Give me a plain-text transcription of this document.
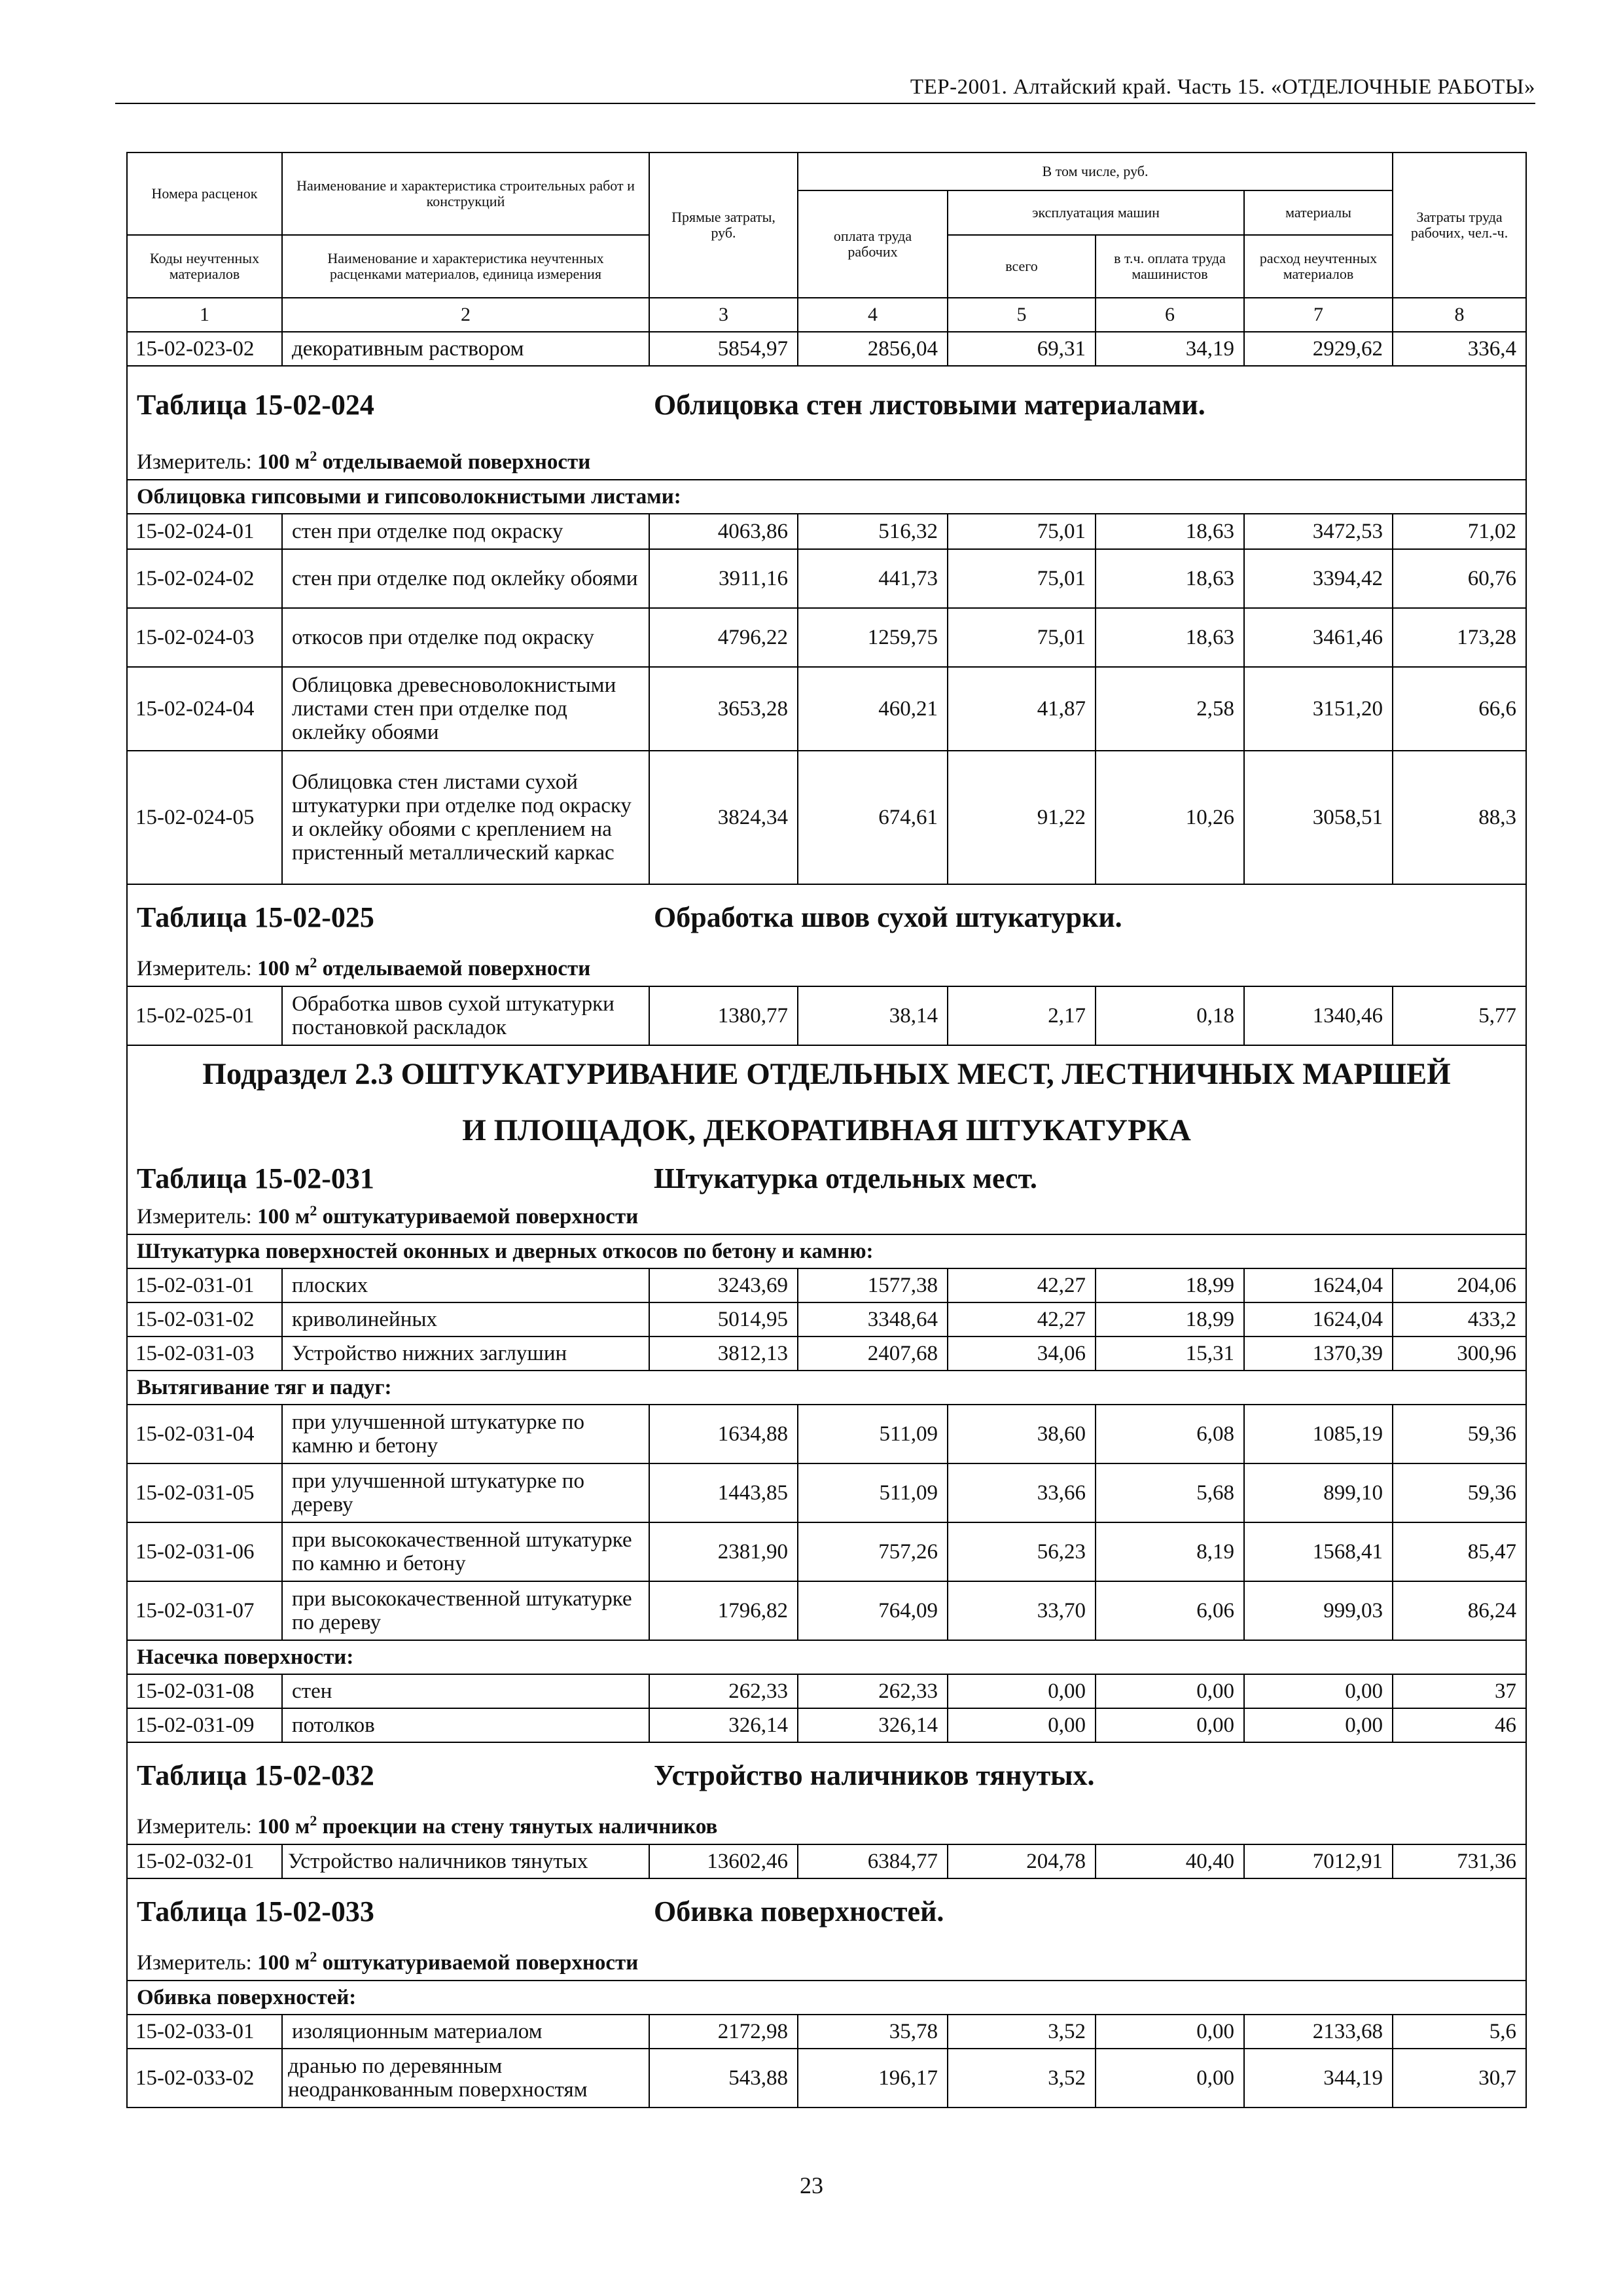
ТЕР-2001. Алтайский край. Часть 15. «ОТДЕЛОЧНЫЕ РАБОТЫ»
Номера расценок	Наименование и характеристика строительных работ и конструкций	Прямые затраты, руб.	В том числе, руб.				Затраты труда рабочих, чел.-ч.
			оплата труда рабочих	эксплуатация машин		материалы	
Коды неучтенных материалов	Наименование и характеристика неучтенных расценками материалов, единица измерения			всего	в т.ч. оплата труда машинистов	расход неучтенных материалов	
1	2	3	4	5	6	7	8
15-02-023-02	декоративным раствором	5854,97	2856,04	69,31	34,19	2929,62	336,4
Таблица 15-02-024 Облицовка стен листовыми материалами.							
Измеритель: 100 $м^2$ отделываемой поверхности							
Облицовка гипсовыми и гипсоволокнистыми листами:							
15-02-024-01	стен при отделке под окраску	4063,86	516,32	75,01	18,63	3472,53	71,02
15-02-024-02	стен при отделке под оклейку обоями	3911,16	441,73	75,01	18,63	3394,42	60,76
15-02-024-03	откосов при отделке под окраску	4796,22	1259,75	75,01	18,63	3461,46	173,28
15-02-024-04	Облицовка древесноволокнистыми листами стен при отделке под оклейку обоями	3653,28	460,21	41,87	2,58	3151,20	66,6
15-02-024-05	Облицовка стен листами сухой штукатурки при отделке под окраску и оклейку обоями с креплением на пристенный металлический каркас	3824,34	674,61	91,22	10,26	3058,51	88,3
Таблица 15-02-025 Обработка швов сухой штукатурки.							
Измеритель: 100 $м^2$ отделываемой поверхности							
15-02-025-01	Обработка швов сухой штукатурки постановкой раскладок	1380,77	38,14	2,17	0,18	1340,46	5,77

Подраздел 2.3 ОШТУКАТУРИВАНИЕ ОТДЕЛЬНЫХ МЕСТ, ЛЕСТНИЧНЫХ МАРШЕЙ
И ПЛОЩАДОК, ДЕКОРАТИВНАЯ ШТУКАТУРКА							

Таблица 15-02-031 Штукатурка отдельных мест.							
Измеритель: 100 $м^2$ оштукатуриваемой поверхности							
Штукатурка поверхностей оконных и дверных откосов по бетону и камню:							
15-02-031-01	плоских	3243,69	1577,38	42,27	18,99	1624,04	204,06
15-02-031-02	криволинейных	5014,95	3348,64	42,27	18,99	1624,04	433,2
15-02-031-03	Устройство нижних заглушин	3812,13	2407,68	34,06	15,31	1370,39	300,96
Вытягивание тяг и падуг:							
15-02-031-04	при улучшенной штукатурке по камню и бетону	1634,88	511,09	38,60	6,08	1085,19	59,36
15-02-031-05	при улучшенной штукатурке по дереву	1443,85	511,09	33,66	5,68	899,10	59,36
15-02-031-06	при высококачественной штукатурке по камню и бетону	2381,90	757,26	56,23	8,19	1568,41	85,47
15-02-031-07	при высококачественной штукатурке по дереву	1796,82	764,09	33,70	6,06	999,03	86,24
Насечка поверхности:							
15-02-031-08	стен	262,33	262,33	0,00	0,00	0,00	37
15-02-031-09	потолков	326,14	326,14	0,00	0,00	0,00	46
Таблица 15-02-032 Устройство наличников тянутых.							
Измеритель: 100 $м^2$ проекции на стену тянутых наличников							
15-02-032-01	Устройство наличников тянутых	13602,46	6384,77	204,78	40,40	7012,91	731,36
Таблица 15-02-033 Обивка поверхностей.							
Измеритель: 100 $м^2$ оштукатуриваемой поверхности							
Обивка поверхностей:							
15-02-033-01	изоляционным материалом	2172,98	35,78	3,52	0,00	2133,68	5,6
15-02-033-02	дранью по деревянным неодранкованным поверхностям	543,88	196,17	3,52	0,00	344,19	30,7
23
